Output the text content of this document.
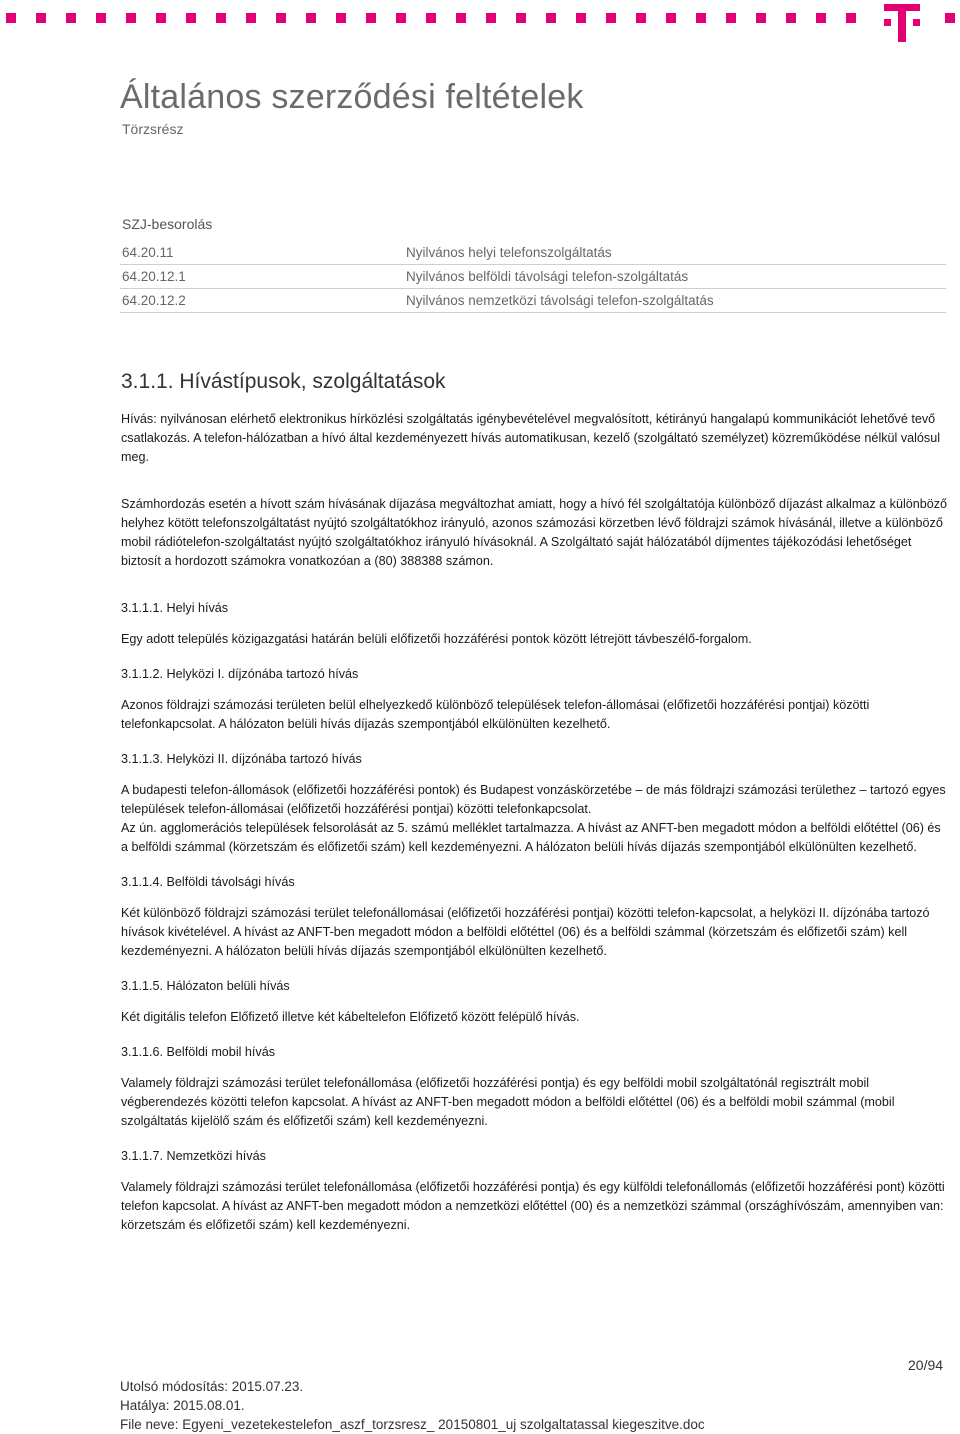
Általános szerződési feltételek
Törzsrész
SZJ-besorolás
64.20.11	Nyilvános helyi telefonszolgáltatás
64.20.12.1	Nyilvános belföldi távolsági telefon-szolgáltatás
64.20.12.2	Nyilvános nemzetközi távolsági telefon-szolgáltatás
3.1.1. Hívástípusok, szolgáltatások

Hívás: nyilvánosan elérhető elektronikus hírközlési szolgáltatás igénybevételével megvalósított, kétirányú hangalapú kommunikációt lehetővé tevő csatlakozás. A telefon-hálózatban a hívó által kezdeményezett hívás automatikusan, kezelő (szolgáltató személyzet) közreműködése nélkül valósul meg.

Számhordozás esetén a hívott szám hívásának díjazása megváltozhat amiatt, hogy a hívó fél szolgáltatója különböző díjazást alkalmaz a különböző helyhez kötött telefonszolgáltatást nyújtó szolgáltatókhoz irányuló, azonos számozási körzetben lévő földrajzi számok hívásánál, illetve a különböző mobil rádiótelefon-szolgáltatást nyújtó szolgáltatókhoz irányuló hívásoknál. A Szolgáltató saját hálózatából díjmentes tájékozódási lehetőséget biztosít a hordozott számokra vonatkozóan a (80) 388388 számon.

3.1.1.1. Helyi hívás

Egy adott település közigazgatási határán belüli előfizetői hozzáférési pontok között létrejött távbeszélő-forgalom.

3.1.1.2. Helyközi I. díjzónába tartozó hívás

Azonos földrajzi számozási területen belül elhelyezkedő különböző települések telefon-állomásai (előfizetői hozzáférési pontjai) közötti telefonkapcsolat. A hálózaton belüli hívás díjazás szempontjából elkülönülten kezelhető.

3.1.1.3. Helyközi II. díjzónába tartozó hívás

A budapesti telefon-állomások (előfizetői hozzáférési pontok) és Budapest vonzáskörzetébe – de más földrajzi számozási területhez – tartozó egyes települések telefon-állomásai (előfizetői hozzáférési pontjai) közötti telefonkapcsolat.

Az ún. agglomerációs települések felsorolását az 5. számú melléklet tartalmazza. A hívást az ANFT-ben megadott módon a belföldi előtéttel (06) és a belföldi számmal (körzetszám és előfizetői szám) kell kezdeményezni. A hálózaton belüli hívás díjazás szempontjából elkülönülten kezelhető.

3.1.1.4. Belföldi távolsági hívás

Két különböző földrajzi számozási terület telefonállomásai (előfizetői hozzáférési pontjai) közötti telefon-kapcsolat, a helyközi II. díjzónába tartozó hívások kivételével. A hívást az ANFT-ben megadott módon a belföldi előtéttel (06) és a belföldi számmal (körzetszám és előfizetői szám) kell kezdeményezni. A hálózaton belüli hívás díjazás szempontjából elkülönülten kezelhető.

3.1.1.5. Hálózaton belüli hívás

Két digitális telefon Előfizető illetve két kábeltelefon Előfizető között felépülő hívás.

3.1.1.6. Belföldi mobil hívás

Valamely földrajzi számozási terület telefonállomása (előfizetői hozzáférési pontja) és egy belföldi mobil szolgáltatónál regisztrált mobil végberendezés közötti telefon kapcsolat. A hívást az ANFT-ben megadott módon a belföldi előtéttel (06) és a belföldi mobil számmal (mobil szolgáltatás kijelölő szám és előfizetői szám) kell kezdeményezni.

3.1.1.7. Nemzetközi hívás

Valamely földrajzi számozási terület telefonállomása (előfizetői hozzáférési pontja) és egy külföldi telefonállomás (előfizetői hozzáférési pont) közötti telefon kapcsolat. A hívást az ANFT-ben megadott módon a nemzetközi előtéttel (00) és a nemzetközi számmal (országhívószám, amennyiben van: körzetszám és előfizetői szám) kell kezdeményezni.

20/94
Utolsó módosítás: 2015.07.23.
Hatálya: 2015.08.01.
File neve: Egyeni_vezetekestelefon_aszf_torzsresz_ 20150801_uj szolgaltatassal kiegeszitve.doc
